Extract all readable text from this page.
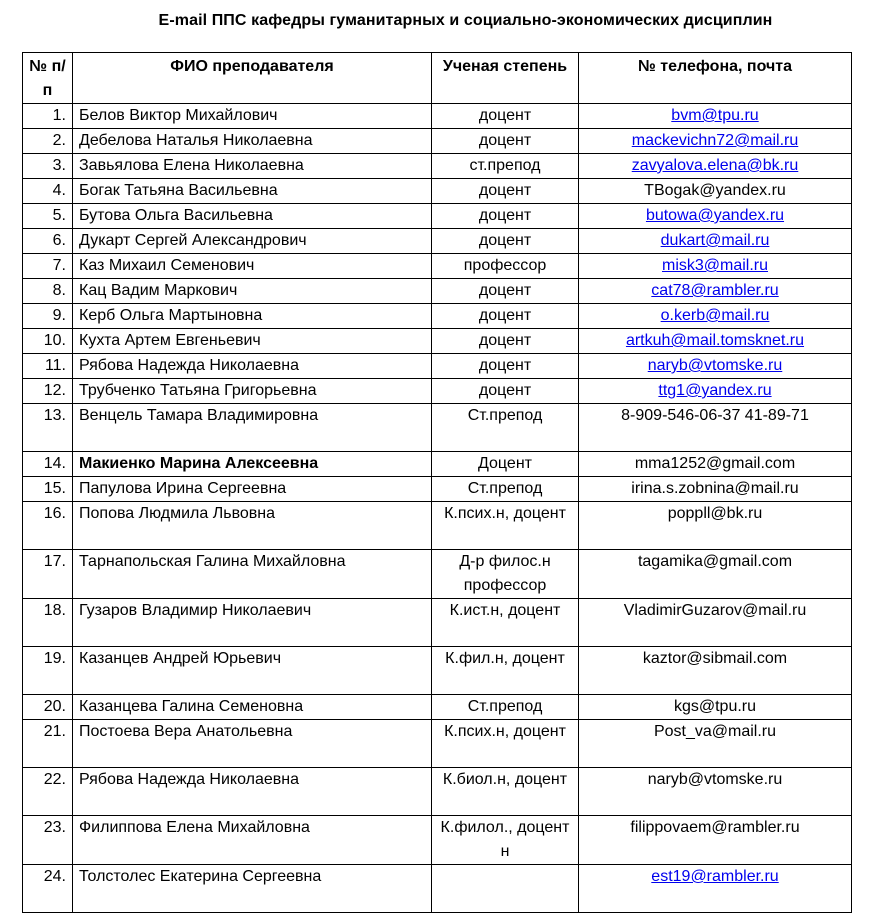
E-mail ППС кафедры гуманитарных и социально-экономических дисциплин
№ п/п	ФИО преподавателя	Ученая степень	№ телефона, почта
1.	Белов Виктор Михайлович	доцент	bvm@tpu.ru
2.	Дебелова Наталья Николаевна	доцент	mackevichn72@mail.ru
3.	Завьялова Елена Николаевна	ст.препод	zavyalova.elena@bk.ru
4.	Богак Татьяна Васильевна	доцент	TBogak@yandex.ru
5.	Бутова Ольга Васильевна	доцент	butowa@yandex.ru
6.	Дукарт Сергей Александрович	доцент	dukart@mail.ru
7.	Каз Михаил Семенович	профессор	misk3@mail.ru
8.	Кац Вадим Маркович	доцент	cat78@rambler.ru
9.	Керб Ольга Мартыновна	доцент	o.kerb@mail.ru
10.	Кухта Артем Евгеньевич	доцент	artkuh@mail.tomsknet.ru
11.	Рябова Надежда Николаевна	доцент	naryb@vtomske.ru
12.	Трубченко Татьяна Григорьевна	доцент	ttg1@yandex.ru
13.	Венцель Тамара Владимировна	Ст.препод	8-909-546-06-37 41-89-71
14.	Макиенко Марина Алексеевна	Доцент	mma1252@gmail.com
15.	Папулова Ирина Сергеевна	Ст.препод	irina.s.zobnina@mail.ru
16.	Попова Людмила Львовна	К.псих.н, доцент	poppll@bk.ru
17.	Тарнапольская Галина Михайловна	Д-р филос.н профессор	tagamika@gmail.com
18.	Гузаров Владимир Николаевич	К.ист.н, доцент	VladimirGuzarov@mail.ru
19.	Казанцев Андрей Юрьевич	К.фил.н, доцент	kaztor@sibmail.com
20.	Казанцева Галина Семеновна	Ст.препод	kgs@tpu.ru
21.	Постоева Вера Анатольевна	К.псих.н, доцент	Post_va@mail.ru
22.	Рябова Надежда Николаевна	К.биол.н, доцент	naryb@vtomske.ru
23.	Филиппова Елена Михайловна	К.филол., доцент н	filippovaem@rambler.ru
24.	Толстолес Екатерина Сергеевна		est19@rambler.ru
